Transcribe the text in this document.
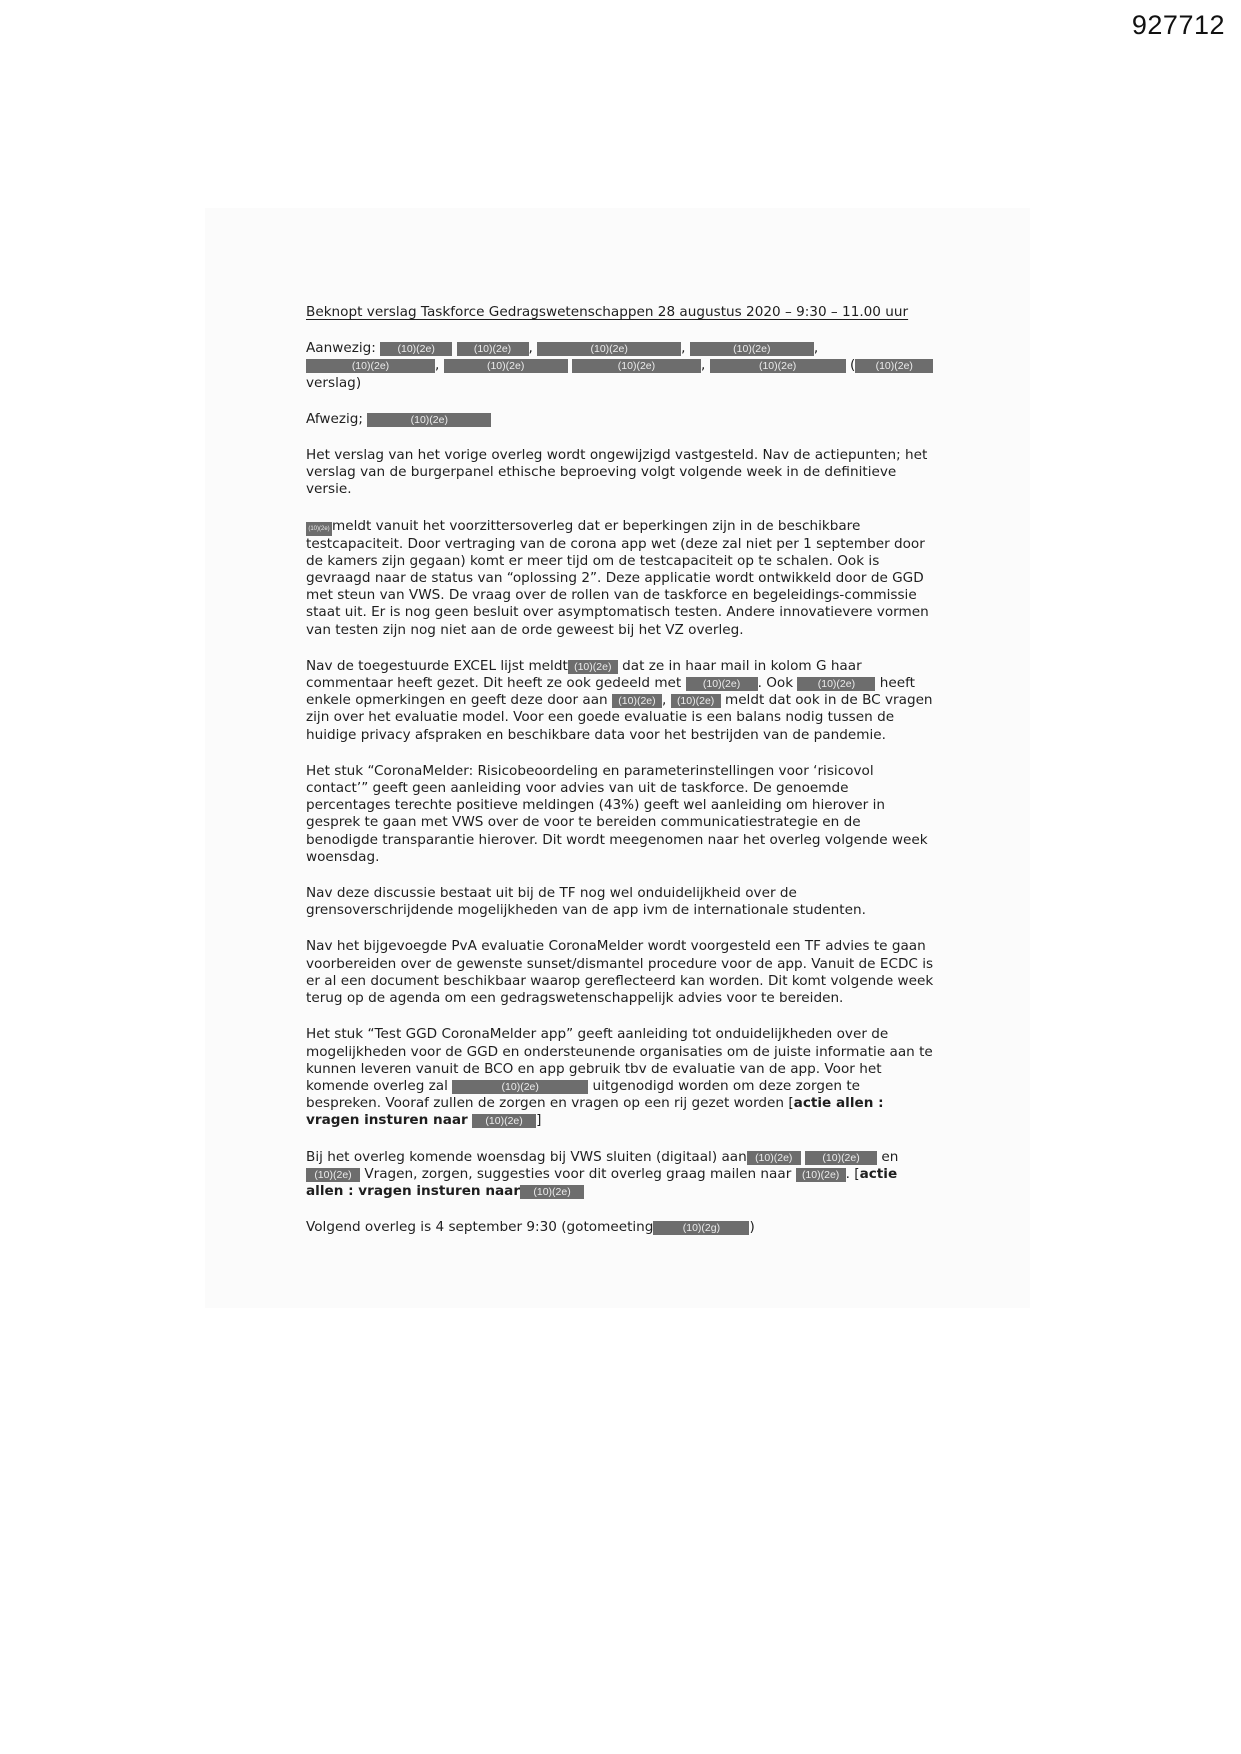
927712

Beknopt verslag Taskforce Gedragswetenschappen 28 augustus 2020 – 9:30 – 11.00 uur

Aanwezig: (10)(2e)	(10)(2e) ,	(10)(2e)	,	(10)(2e)	, (10)(2e)	,	(10)(2e)	(10)(2e)	,	(10)(2e)	( (10)(2e)
verslag)

Afwezig;	(10)(2e)

Het verslag van het vorige overleg wordt ongewijzigd vastgesteld. Nav de actiepunten; het verslag van de burgerpanel ethische beproeving volgt volgende week in de definitieve versie.

(10)(2e) meldt vanuit het voorzittersoverleg dat er beperkingen zijn in de beschikbare testcapaciteit. Door vertraging van de corona app wet (deze zal niet per 1 september door de kamers zijn gegaan) komt er meer tijd om de testcapaciteit op te schalen. Ook is gevraagd naar de status van “oplossing 2”. Deze applicatie wordt ontwikkeld door de GGD met steun van VWS. De vraag over de rollen van de taskforce en begeleidings-commissie staat uit. Er is nog geen besluit over asymptomatisch testen. Andere innovatievere vormen van testen zijn nog niet aan de orde geweest bij het VZ overleg.

Nav de toegestuurde EXCEL lijst meldt (10)(2e) dat ze in haar mail in kolom G haar commentaar heeft gezet. Dit heeft ze ook gedeeld met (10)(2e) . Ook (10)(2e) heeft enkele opmerkingen en geeft deze door aan (10)(2e) , (10)(2e) meldt dat ook in de BC vragen zijn over het evaluatie model. Voor een goede evaluatie is een balans nodig tussen de huidige privacy afspraken en beschikbare data voor het bestrijden van de pandemie.

Het stuk “CoronaMelder: Risicobeoordeling en parameterinstellingen voor ‘risicovol contact’” geeft geen aanleiding voor advies van uit de taskforce. De genoemde percentages terechte positieve meldingen (43%) geeft wel aanleiding om hierover in gesprek te gaan met VWS over de voor te bereiden communicatiestrategie en de benodigde transparantie hierover. Dit wordt meegenomen naar het overleg volgende week woensdag.

Nav deze discussie bestaat uit bij de TF nog wel onduidelijkheid over de grensoverschrijdende mogelijkheden van de app ivm de internationale studenten.

Nav het bijgevoegde PvA evaluatie CoronaMelder wordt voorgesteld een TF advies te gaan voorbereiden over de gewenste sunset/dismantel procedure voor de app. Vanuit de ECDC is er al een document beschikbaar waarop gereflecteerd kan worden. Dit komt volgende week terug op de agenda om een gedragswetenschappelijk advies voor te bereiden.

Het stuk “Test GGD CoronaMelder app” geeft aanleiding tot onduidelijkheden over de mogelijkheden voor de GGD en ondersteunende organisaties om de juiste informatie aan te kunnen leveren vanuit de BCO en app gebruik tbv de evaluatie van de app. Voor het komende overleg zal	(10)(2e)	uitgenodigd worden om deze zorgen te bespreken. Vooraf zullen de zorgen en vragen op een rij gezet worden [actie allen : vragen insturen naar (10)(2e) ]

Bij het overleg komende woensdag bij VWS sluiten (digitaal) aan (10)(2e)	(10)(2e) en (10)(2e) Vragen, zorgen, suggesties voor dit overleg graag mailen naar (10)(2e) . [actie allen : vragen insturen naar (10)(2e)

Volgend overleg is 4 september 9:30 (gotomeeting	(10)(2g) )
